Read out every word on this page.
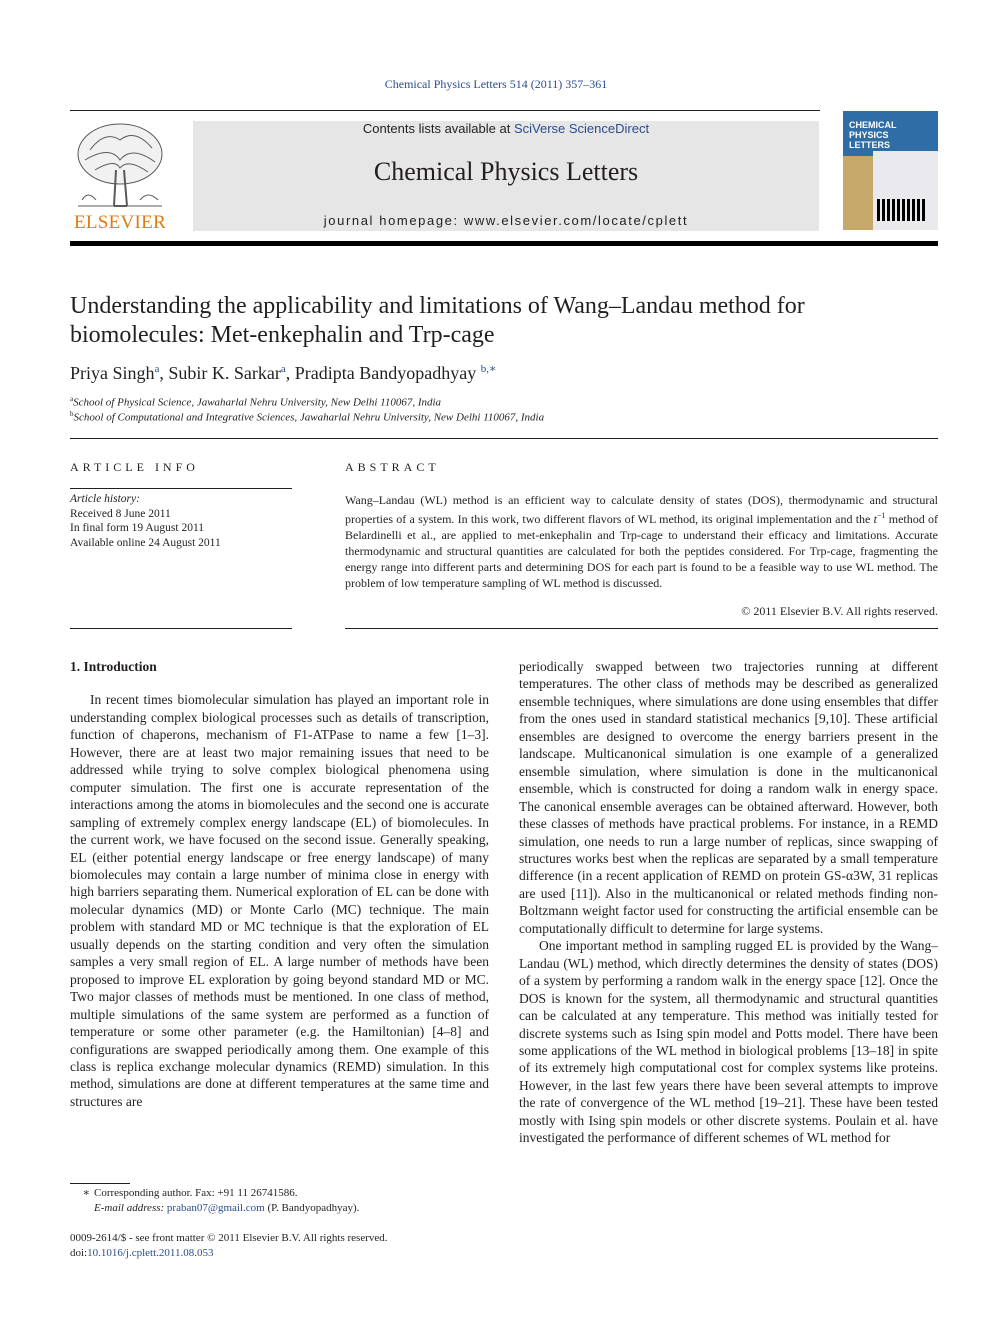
Chemical Physics Letters 514 (2011) 357–361
ELSEVIER
Contents lists available at SciVerse ScienceDirect
Chemical Physics Letters
journal homepage: www.elsevier.com/locate/cplett
CHEMICAL PHYSICS LETTERS
Understanding the applicability and limitations of Wang–Landau method for biomolecules: Met-enkephalin and Trp-cage
Priya Singh$^a$, Subir K. Sarkar$^a$, Pradipta Bandyopadhyay $^{b,∗}$
$^a$School of Physical Science, Jawaharlal Nehru University, New Delhi 110067, India
$^b$School of Computational and Integrative Sciences, Jawaharlal Nehru University, New Delhi 110067, India
ARTICLE INFO	ABSTRACT
Article history:
Received 8 June 2011
In final form 19 August 2011
Available online 24 August 2011
Wang–Landau (WL) method is an efficient way to calculate density of states (DOS), thermodynamic and structural properties of a system. In this work, two different flavors of WL method, its original implementation and the $t^{-1}$ method of Belardinelli et al., are applied to met-enkephalin and Trp-cage to understand their efficacy and limitations. Accurate thermodynamic and structural quantities are calculated for both the peptides considered. For Trp-cage, fragmenting the energy range into different parts and determining DOS for each part is found to be a feasible way to use WL method. The problem of low temperature sampling of WL method is discussed.
© 2011 Elsevier B.V. All rights reserved.

1. Introduction

In recent times biomolecular simulation has played an important role in understanding complex biological processes such as details of transcription, function of chaperons, mechanism of F1-ATPase to name a few [1–3]. However, there are at least two major remaining issues that need to be addressed while trying to solve complex biological phenomena using computer simulation. The first one is accurate representation of the interactions among the atoms in biomolecules and the second one is accurate sampling of extremely complex energy landscape (EL) of biomolecules. In the current work, we have focused on the second issue. Generally speaking, EL (either potential energy landscape or free energy landscape) of many biomolecules may contain a large number of minima close in energy with high barriers separating them. Numerical exploration of EL can be done with molecular dynamics (MD) or Monte Carlo (MC) technique. The main problem with standard MD or MC technique is that the exploration of EL usually depends on the starting condition and very often the simulation samples a very small region of EL. A large number of methods have been proposed to improve EL exploration by going beyond standard MD or MC. Two major classes of methods must be mentioned. In one class of method, multiple simulations of the same system are performed as a function of temperature or some other parameter (e.g. the Hamiltonian) [4–8] and configurations are swapped periodically among them. One example of this class is replica exchange molecular dynamics (REMD) simulation. In this method, simulations are done at different temperatures at the same time and structures are

periodically swapped between two trajectories running at different temperatures. The other class of methods may be described as generalized ensemble techniques, where simulations are done using ensembles that differ from the ones used in standard statistical mechanics [9,10]. These artificial ensembles are designed to overcome the energy barriers present in the landscape. Multicanonical simulation is one example of a generalized ensemble simulation, where simulation is done in the multicanonical ensemble, which is constructed for doing a random walk in energy space. The canonical ensemble averages can be obtained afterward. However, both these classes of methods have practical problems. For instance, in a REMD simulation, one needs to run a large number of replicas, since swapping of structures works best when the replicas are separated by a small temperature difference (in a recent application of REMD on protein GS-α3W, 31 replicas are used [11]). Also in the multicanonical or related methods finding non-Boltzmann weight factor used for constructing the artificial ensemble can be computationally difficult to determine for large systems.

One important method in sampling rugged EL is provided by the Wang–Landau (WL) method, which directly determines the density of states (DOS) of a system by performing a random walk in the energy space [12]. Once the DOS is known for the system, all thermodynamic and structural quantities can be calculated at any temperature. This method was initially tested for discrete systems such as Ising spin model and Potts model. There have been some applications of the WL method in biological problems [13–18] in spite of its extremely high computational cost for complex systems like proteins. However, in the last few years there have been several attempts to improve the rate of convergence of the WL method [19–21]. These have been tested mostly with Ising spin models or other discrete systems. Poulain et al. have investigated the performance of different schemes of WL method for

∗ Corresponding author. Fax: +91 11 26741586.
E-mail address: praban07@gmail.com (P. Bandyopadhyay).
0009-2614/$ - see front matter © 2011 Elsevier B.V. All rights reserved.
doi:10.1016/j.cplett.2011.08.053
